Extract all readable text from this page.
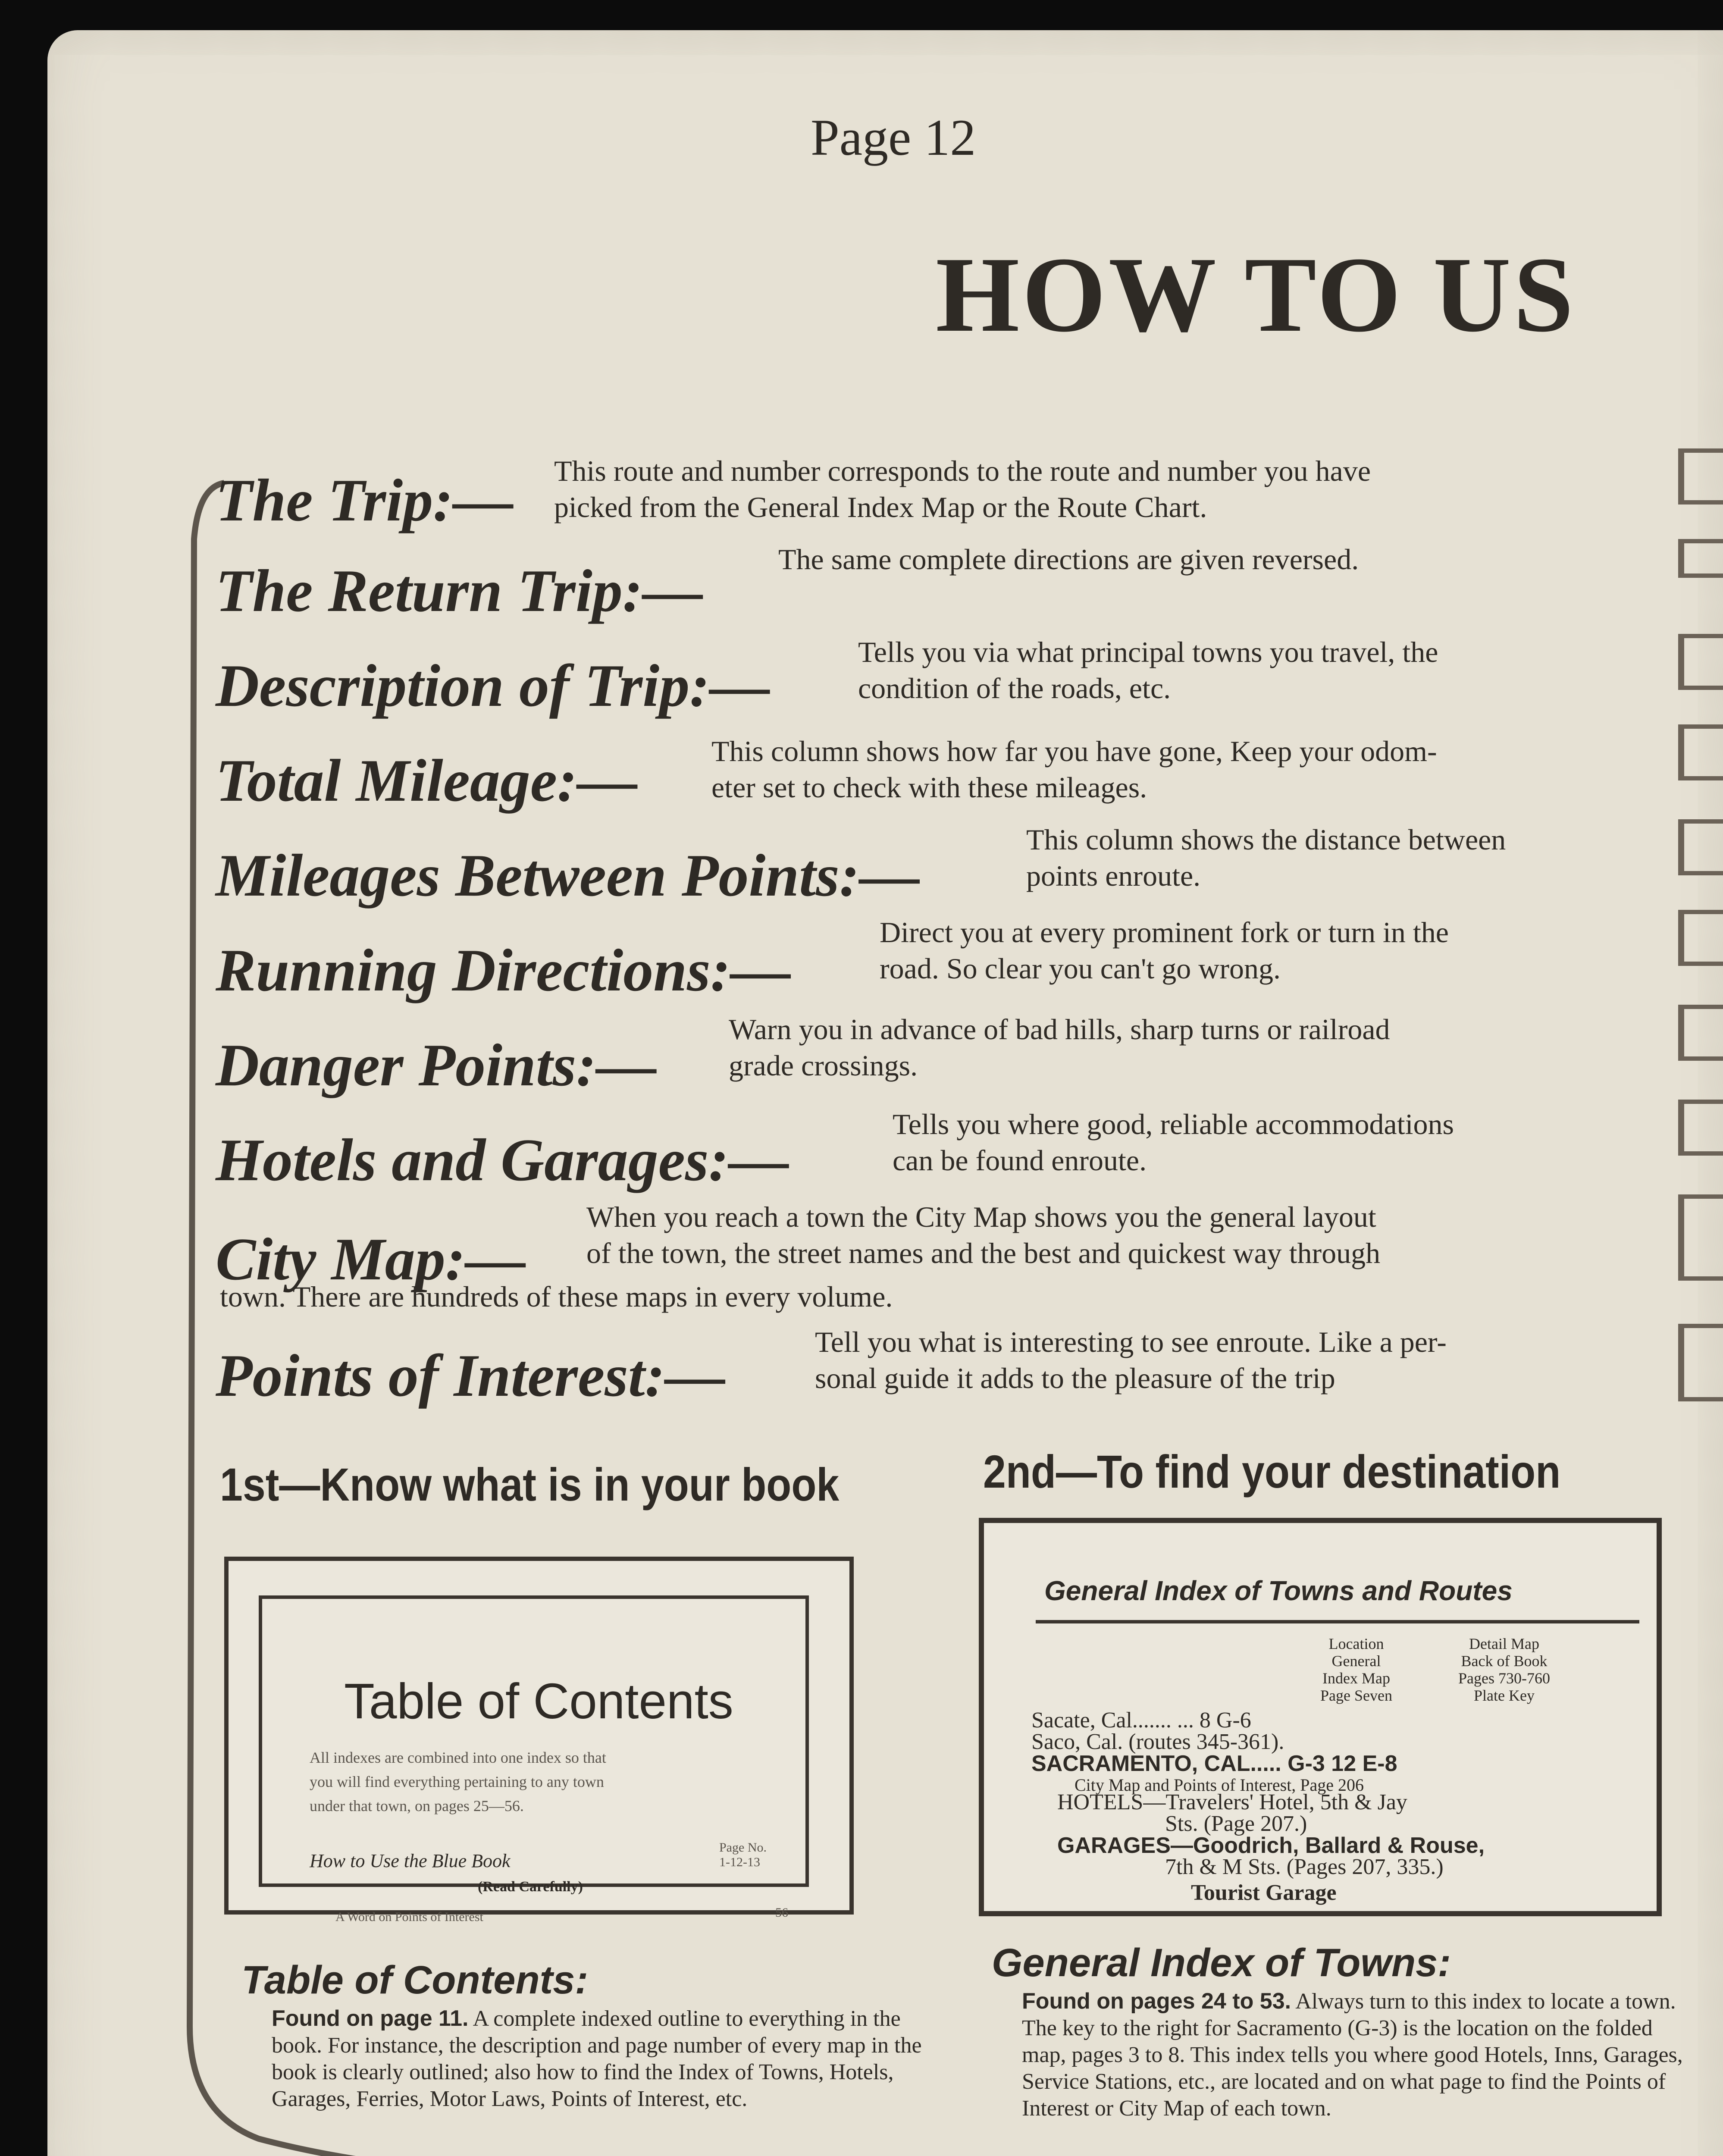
Page 12
HOW TO US
The Trip:— This route and number corresponds to the route and number you have
picked from the General Index Map or the Route Chart.
The Return Trip:—	The same complete directions are given reversed.
Description of Trip:—
Tells you via what principal towns you travel, the
condition of the roads, etc.
Total Mileage:—	This column shows how far you have gone, Keep your odom-
eter set to check with these mileages.
Mileages Between Points:—
This column shows the distance between
points enroute.
Running Directions:—
Direct you at every prominent fork or turn in the
road. So clear you can't go wrong.
Danger Points:—
Warn you in advance of bad hills, sharp turns or railroad
grade crossings.
Hotels and Garages:—
Tells you where good, reliable accommodations
can be found enroute.
City Map:—
When you reach a town the City Map shows you the general layout
of the town, the street names and the best and quickest way through
town. There are hundreds of these maps in every volume.
Points of Interest:—
Tell you what is interesting to see enroute. Like a per-
sonal guide it adds to the pleasure of the trip
1st—Know what is in your book	2nd—To find your destination
Table of Contents
All indexes are combined into one index so that
you will find everything pertaining to any town
under that town, on pages 25—56.
How to Use the Blue Book
Page No.
1-12-13
(Read Carefully)
A Word on Points of Interest	56
General Index of Towns and Routes
Location
General
Index Map
Page Seven
Detail Map
Back of Book
Pages 730-760
Plate Key
Sacate, Cal....... ... 8 G-6
Saco, Cal. (routes 345-361).
SACRAMENTO, CAL..... G-3 12 E-8
City Map and Points of Interest, Page 206
HOTELS—Travelers' Hotel, 5th & Jay
Sts. (Page 207.)
GARAGES—Goodrich, Ballard & Rouse,
7th & M Sts. (Pages 207, 335.)
Tourist Garage
Table of Contents:
Found on page 11. A complete indexed outline to everything in the book. For instance, the description and page number of every map in the book is clearly outlined; also how to find the Index of Towns, Hotels, Garages, Ferries, Motor Laws, Points of Interest, etc.
General Index of Towns:
Found on pages 24 to 53. Always turn to this index to locate a town. The key to the right for Sacramento (G-3) is the location on the folded map, pages 3 to 8. This index tells you where good Hotels, Inns, Garages, Service Stations, etc., are located and on what page to find the Points of Interest or City Map of each town.
